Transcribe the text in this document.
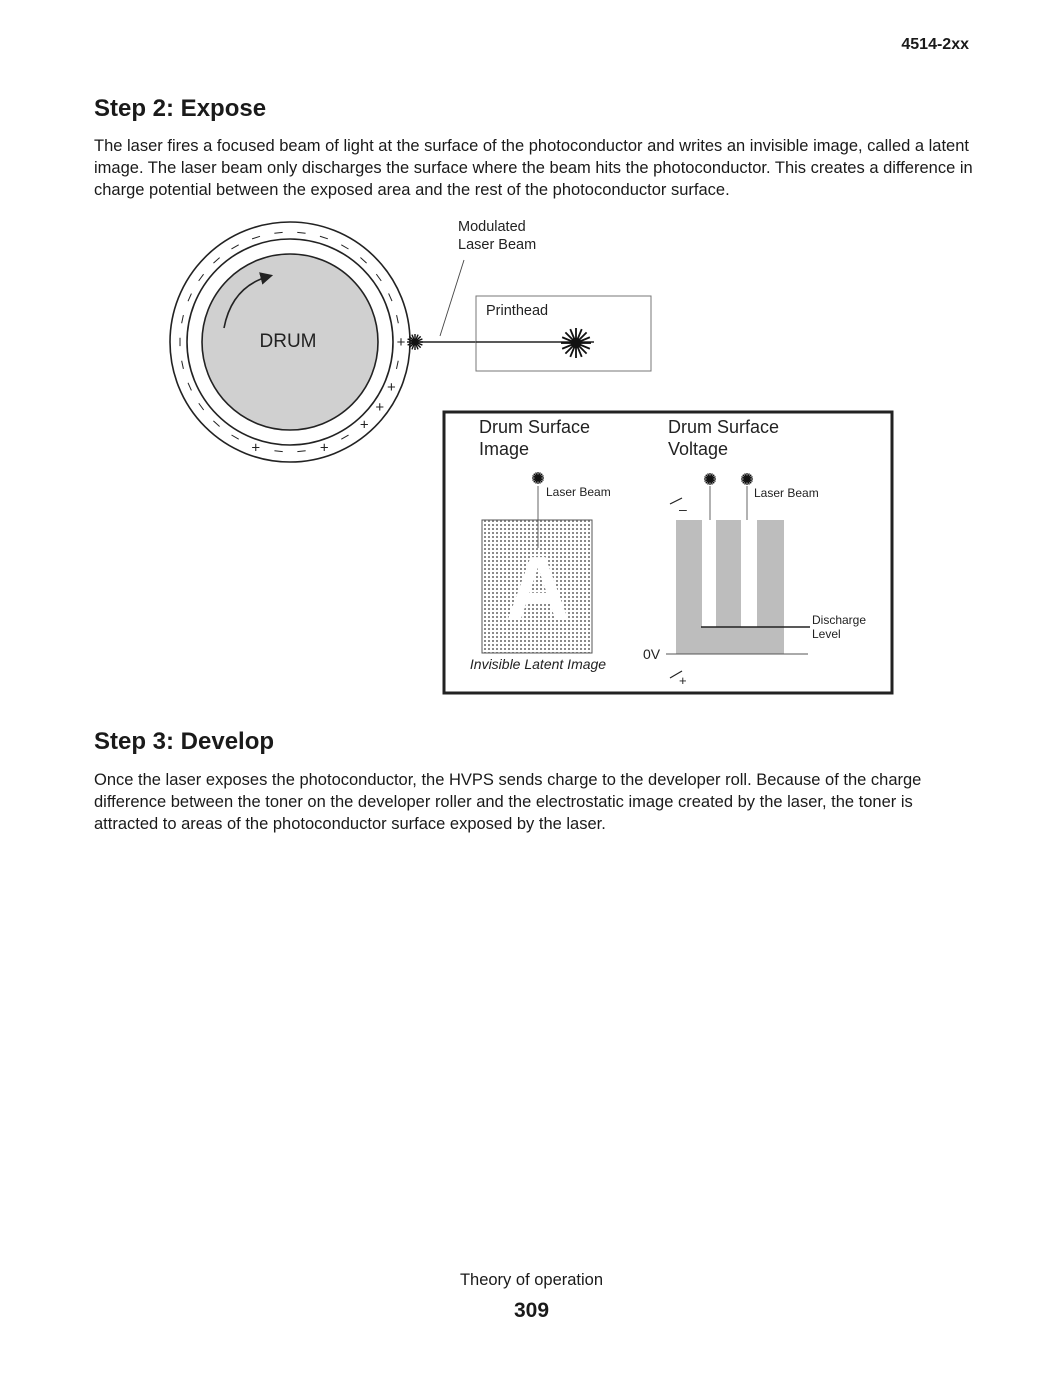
4514-2xx
Step 2: Expose

The laser fires a focused beam of light at the surface of the photoconductor and writes an invisible image, called a latent image. The laser beam only discharges the surface where the beam hits the photoconductor. This creates a difference in charge potential between the exposed area and the rest of the photoconductor surface.

DRUM	+
–
+
+
+
–
+
–
–
+
–
–
–
–
–
–
–
–
–
–
– – – – – –
–
–
–
–
Modulated
Laser Beam
Printhead
Drum Surface
Image
Drum Surface
Voltage
A
Laser Beam
Invisible Latent Image
–
+
Laser Beam
0V
Discharge
Level
Step 3: Develop

Once the laser exposes the photoconductor, the HVPS sends charge to the developer roll. Because of the charge difference between the toner on the developer roller and the electrostatic image created by the laser, the toner is attracted to areas of the photoconductor surface exposed by the laser.

Theory of operation
309
